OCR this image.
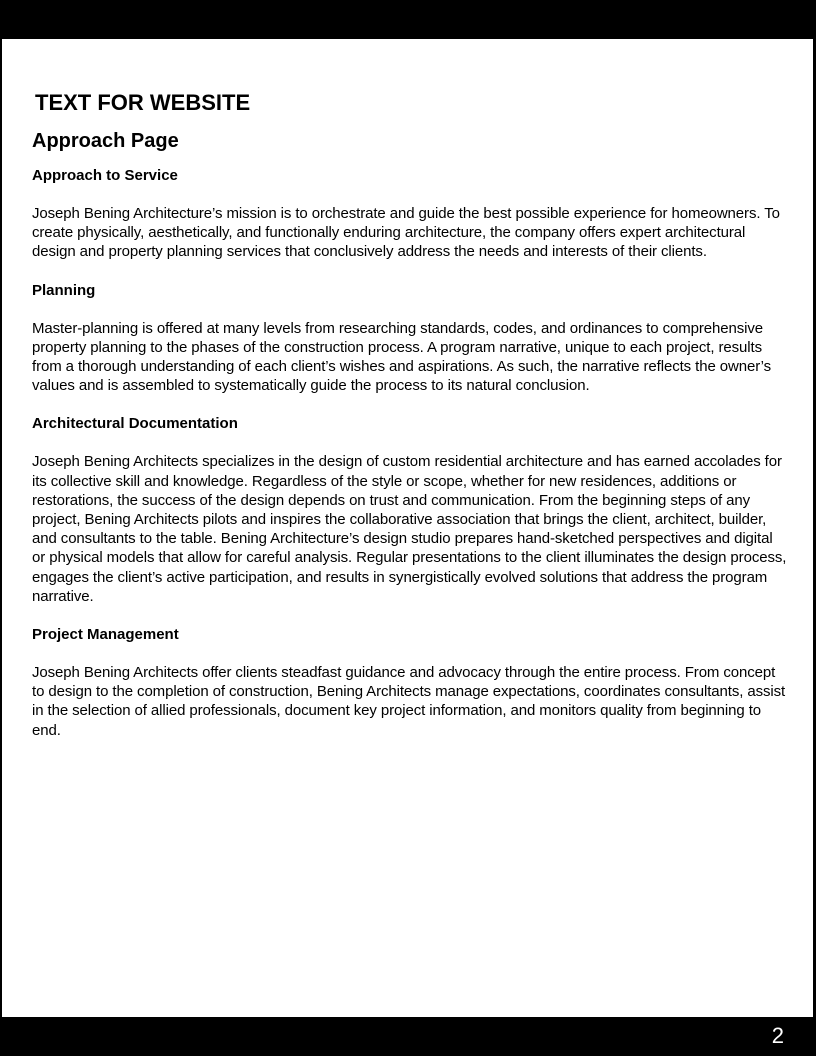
TEXT FOR WEBSITE
Approach Page
Approach to Service

Joseph Bening Architecture’s mission is to orchestrate and guide the best possible experience for homeowners. To create physically, aesthetically, and functionally enduring architecture, the company offers expert architectural design and property planning services that conclusively address the needs and interests of their clients.

Planning

Master-planning is offered at many levels from researching standards, codes, and ordinances to comprehensive property planning to the phases of the construction process. A program narrative, unique to each project, results from a thorough understanding of each client’s wishes and aspirations. As such, the narrative reflects the owner’s values and is assembled to systematically guide the process to its natural conclusion.

Architectural Documentation

Joseph Bening Architects specializes in the design of custom residential architecture and has earned accolades for its collective skill and knowledge. Regardless of the style or scope, whether for new residences, additions or restorations, the success of the design depends on trust and communication. From the beginning steps of any project, Bening Architects pilots and inspires the collaborative association that brings the client, architect, builder, and consultants to the table. Bening Architecture’s design studio prepares hand-sketched perspectives and digital or physical models that allow for careful analysis. Regular presentations to the client illuminates the design process, engages the client’s active participation, and results in synergistically evolved solutions that address the program narrative.

Project Management

Joseph Bening Architects offer clients steadfast guidance and advocacy through the entire process. From concept to design to the completion of construction, Bening Architects manage expectations, coordinates consultants, assist in the selection of allied professionals, document key project information, and monitors quality from beginning to end.

2
